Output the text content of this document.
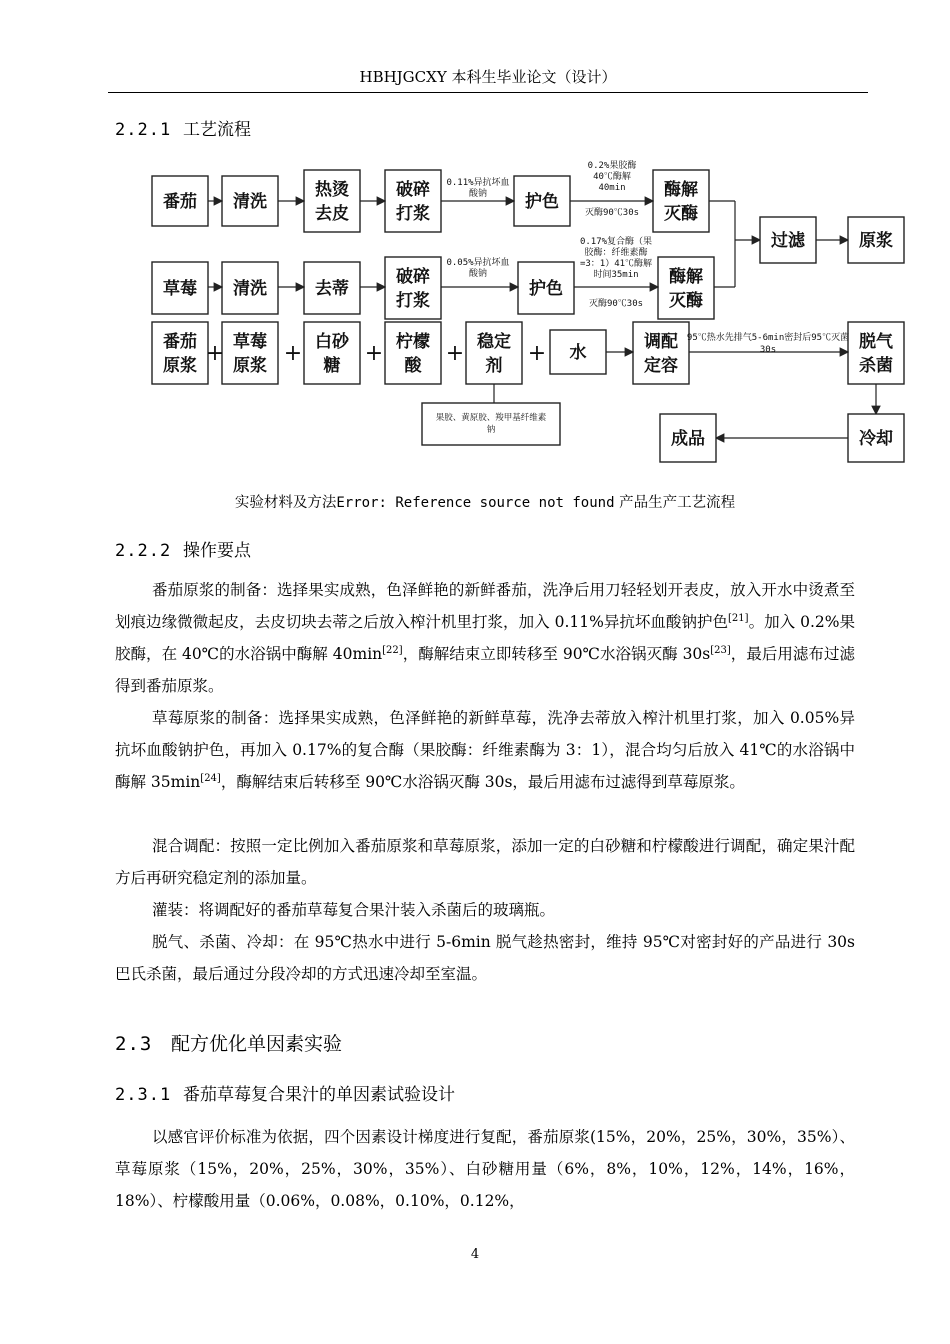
HBHJGCXY 本科生毕业论文（设计）
2.2.1 工艺流程
番茄 清洗
热烫
去皮
破碎
打浆
护色
酶解
灭酶
0.11%异抗坏血
酸钠
0.2%果胶酶
40℃酶解
40min
灭酶90℃30s
草莓 清洗	去蒂
破碎
打浆
护色
酶解
灭酶
0.05%异抗坏血
酸钠
0.17%复合酶（果
胶酶：纤维素酶
=3：1）41℃酶解
时间35min
灭酶90℃30s
过滤	原浆
番茄
原浆
草莓
原浆
白砂
糖
柠檬
酸
稳定
剂
水
调配
定容
脱气
杀菌
+	+	+	+	+
95℃热水先排气5-6min密封后95℃灭菌
30s
果胶、黄原胶、羧甲基纤维素
钠	冷却
成品
实验材料及方法Error: Reference source not found 产品生产工艺流程
2.2.2 操作要点
番茄原浆的制备：选择果实成熟，色泽鲜艳的新鲜番茄，洗净后用刀轻轻划开表皮，放入开水中烫煮至划痕边缘微微起皮，去皮切块去蒂之后放入榨汁机里打浆，加入 0.11%异抗坏血酸钠护色[21]。加入 0.2%果胶酶，在 40℃的水浴锅中酶解 40min[22]，酶解结束立即转移至 90℃水浴锅灭酶 30s[23]，最后用滤布过滤得到番茄原浆。
草莓原浆的制备：选择果实成熟，色泽鲜艳的新鲜草莓，洗净去蒂放入榨汁机里打浆，加入 0.05%异抗坏血酸钠护色，再加入 0.17%的复合酶（果胶酶：纤维素酶为 3：1），混合均匀后放入 41℃的水浴锅中酶解 35min[24]，酶解结束后转移至 90℃水浴锅灭酶 30s，最后用滤布过滤得到草莓原浆。
混合调配：按照一定比例加入番茄原浆和草莓原浆，添加一定的白砂糖和柠檬酸进行调配，确定果汁配方后再研究稳定剂的添加量。
灌装：将调配好的番茄草莓复合果汁装入杀菌后的玻璃瓶。
脱气、杀菌、冷却：在 95℃热水中进行 5-6min 脱气趁热密封，维持 95℃对密封好的产品进行 30s 巴氏杀菌，最后通过分段冷却的方式迅速冷却至室温。
2.3 配方优化单因素实验
2.3.1 番茄草莓复合果汁的单因素试验设计
以感官评价标准为依据，四个因素设计梯度进行复配，番茄原浆(15%，20%，25%，30%，35%）、草莓原浆（15%，20%，25%，30%，35%）、白砂糖用量（6%，8%，10%，12%，14%，16%，18%）、柠檬酸用量（0.06%，0.08%，0.10%，0.12%，
4
